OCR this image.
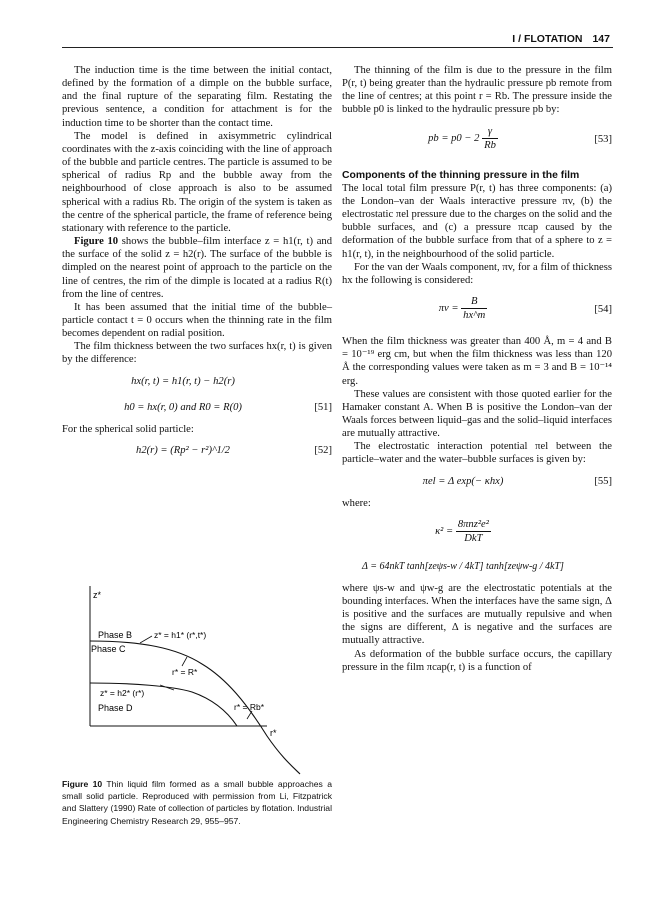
I / FLOTATION 147

The induction time is the time between the initial contact, defined by the formation of a dimple on the bubble surface, and the final rupture of the separating film. Restating the previous sentence, a condition for attachment is for the induction time to be shorter than the contact time.

The model is defined in axisymmetric cylindrical coordinates with the z-axis coinciding with the line of approach of the bubble and particle centres. The particle is assumed to be spherical of radius Rp and the bubble away from the neighbourhood of close approach is also to be assumed spherical with a radius Rb. The origin of the system is taken as the centre of the spherical particle, the frame of reference being stationary with reference to the particle.

Figure 10 shows the bubble–film interface z = h1(r, t) and the surface of the solid z = h2(r). The surface of the bubble is dimpled on the nearest point of approach to the particle on the line of centres, the rim of the dimple is located at a radius R(t) from the line of centres.

It has been assumed that the initial time of the bubble–particle contact t = 0 occurs when the thinning rate in the film becomes dependent on radial position.

The film thickness between the two surfaces hx(r, t) is given by the difference:

hx(r, t) = h1(r, t) − h2(r)
h0 = hx(r, 0) and R0 = R(0)	[51]

For the spherical solid particle:

h2(r) = (Rp² − r²)^1/2	[52]
z*
Phase B
Phase C
Phase D
z* = h1* (r*,t*)
r* = R*
z* = h2* (r*)
r* = Rb*
r*
Figure 10 Thin liquid film formed as a small bubble approaches a small solid particle. Reproduced with permission from Li, Fitzpatrick and Slattery (1990) Rate of collection of particles by flotation. Industrial Engineering Chemistry Research 29, 955–957.

The thinning of the film is due to the pressure in the film P(r, t) being greater than the hydraulic pressure pb remote from the line of centres; at this point r = Rb. The pressure inside the bubble p0 is linked to the hydraulic pressure pb by:

pb = $p0 - 2 \frac{\gamma}{Rb}$	[53]
Components of the thinning pressure in the film

The local total film pressure P(r, t) has three components: (a) the London–van der Waals interactive pressure πv, (b) the electrostatic πel pressure due to the charges on the solid and the bubble surfaces, and (c) a pressure πcap caused by the deformation of the bubble surface from that of a sphere to z = h1(r, t), in the neighbourhood of the solid particle.

For the van der Waals component, πv, for a film of thickness hx the following is considered:

$\pi v = \frac{B}{hx\^{}m}$	[54]

When the film thickness was greater than 400 Å, m = 4 and B = 10⁻¹⁹ erg cm, but when the film thickness was less than 120 Å the corresponding values were taken as m = 3 and B = 10⁻¹⁴ erg.

These values are consistent with those quoted earlier for the Hamaker constant A. When B is positive the London–van der Waals forces between liquid–gas and the solid–liquid interfaces are mutually attractive.

The electrostatic interaction potential πel between the particle–water and the water–bubble surfaces is given by:

πel = Δ exp(− κhx)	[55]

where:

$\kappa^2 = \frac{\text{8πnz²e²}}{\text{DkT}}$
Δ = 64nkT tanh[zeψs-w / 4kT] tanh[zeψw-g / 4kT]

where ψs-w and ψw-g are the electrostatic potentials at the bounding interfaces. When the interfaces have the same sign, Δ is positive and the surfaces are mutually repulsive and when the signs are different, Δ is negative and the surfaces are mutually attractive.

As deformation of the bubble surface occurs, the capillary pressure in the film πcap(r, t) is a function of
